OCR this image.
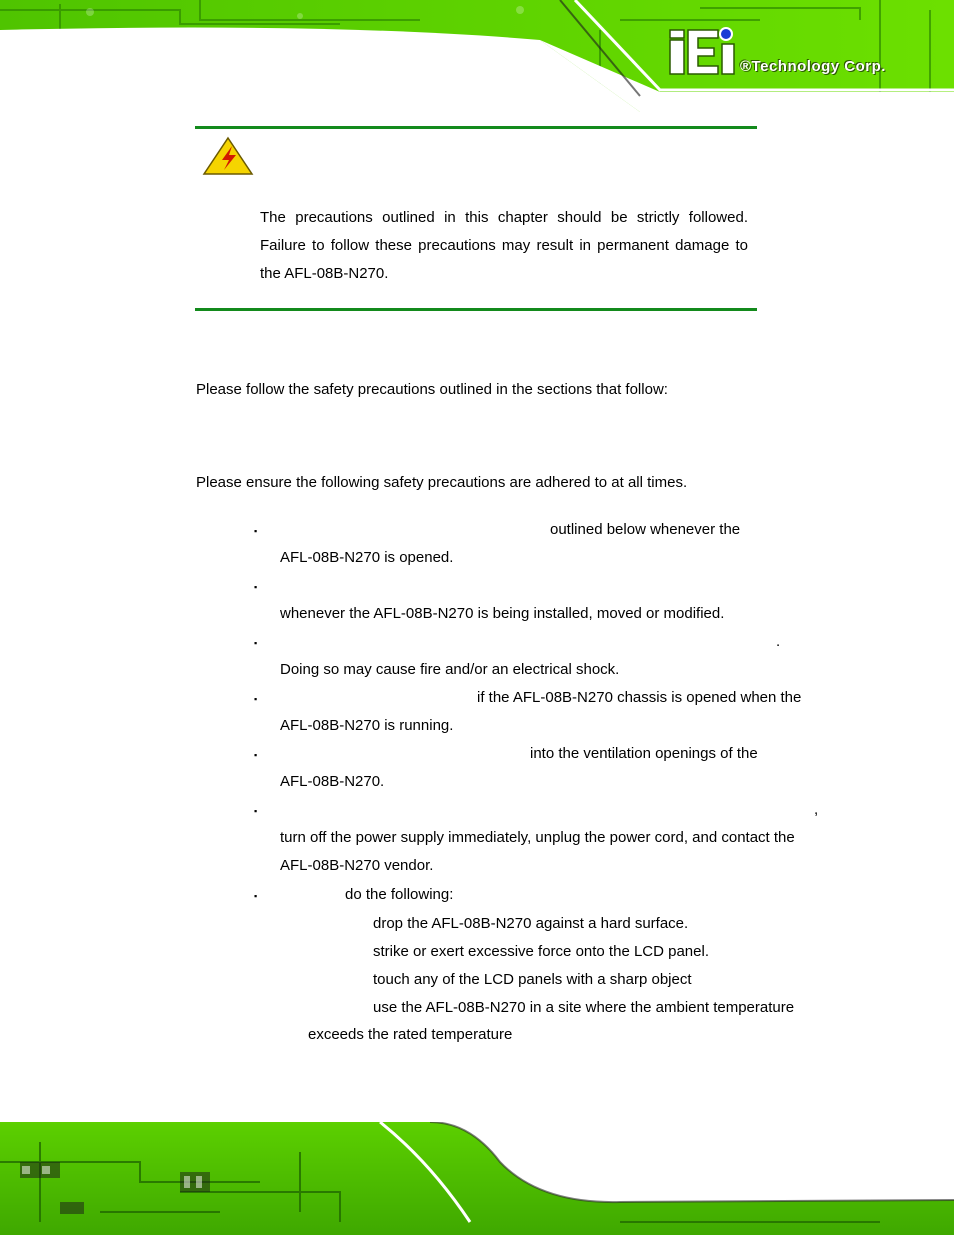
®Technology Corp.
The precautions outlined in this chapter should be strictly followed.
Failure to follow these precautions may result in permanent damage to
the AFL-08B-N270.
Please follow the safety precautions outlined in the sections that follow:
Please ensure the following safety precautions are adhered to at all times.
▪	outlined below whenever the
AFL-08B-N270 is opened.
▪
whenever the AFL-08B-N270 is being installed, moved or modified.
▪	.
Doing so may cause fire and/or an electrical shock.
▪	if the AFL-08B-N270 chassis is opened when the
AFL-08B-N270 is running.
▪	into the ventilation openings of the
AFL-08B-N270.
▪	,
turn off the power supply immediately, unplug the power cord, and contact the
AFL-08B-N270 vendor.
▪	do the following:
drop the AFL-08B-N270 against a hard surface.
strike or exert excessive force onto the LCD panel.
touch any of the LCD panels with a sharp object
use the AFL-08B-N270 in a site where the ambient temperature
exceeds the rated temperature
